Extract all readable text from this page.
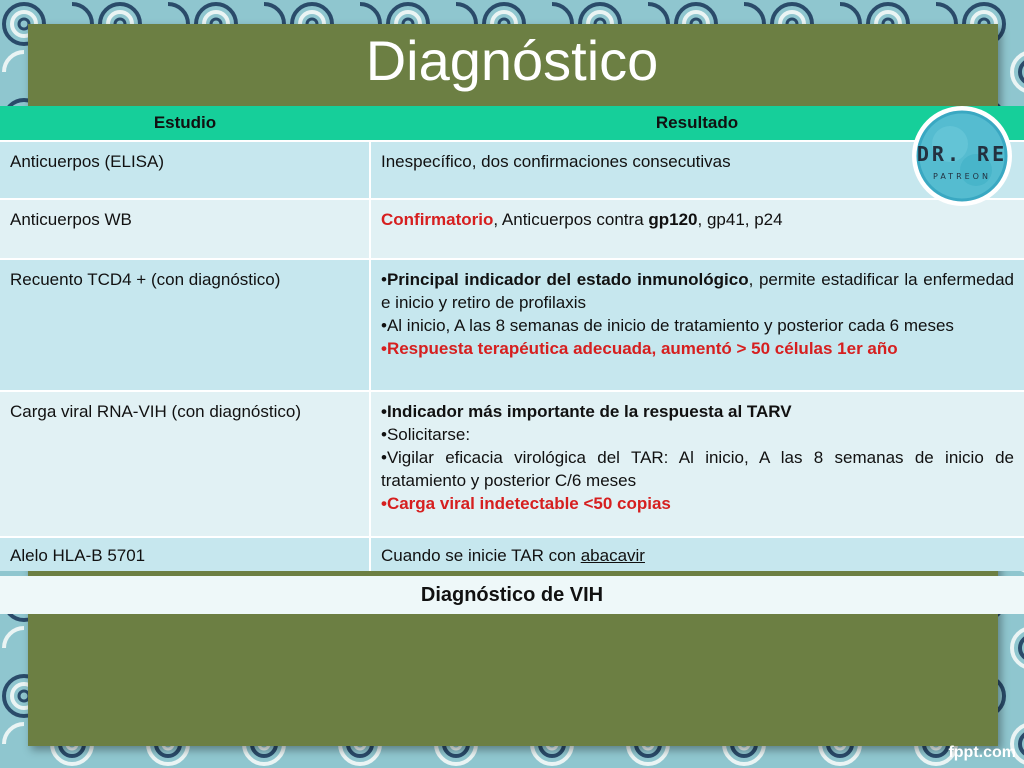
Diagnóstico
Estudio	Resultado
Anticuerpos (ELISA)	Inespecífico, dos confirmaciones consecutivas
Anticuerpos WB	Confirmatorio, Anticuerpos contra gp120, gp41, p24
Recuento TCD4 + (con diagnóstico)	•Principal indicador del estado inmunológico, permite estadificar la enfermedad e inicio y retiro de profilaxis
•Al inicio, A las 8 semanas de inicio de tratamiento y posterior cada 6 meses
•Respuesta terapéutica adecuada, aumentó > 50 células 1er año

Carga viral RNA-VIH (con diagnóstico)	•Indicador más importante de la respuesta al TARV
•Solicitarse:
•Vigilar eficacia virológica del TAR: Al inicio, A las 8 semanas de inicio de tratamiento y posterior C/6 meses
•Carga viral indetectable <50 copias

Alelo HLA-B 5701	Cuando se inicie TAR con abacavir
Diagnóstico de VIH
DR. RE
PATREON
fppt.com
